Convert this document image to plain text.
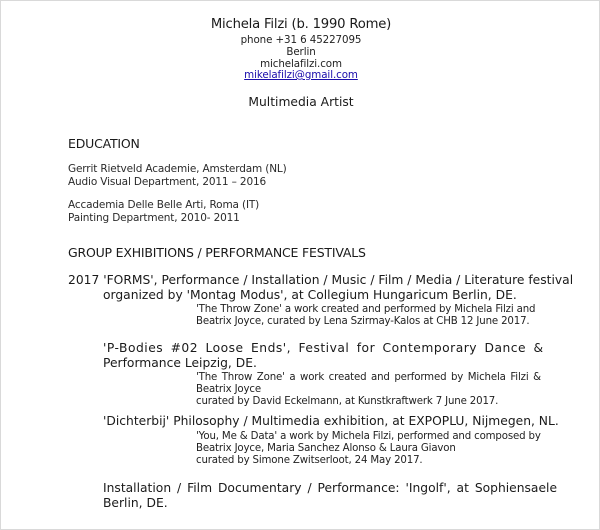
Michela Filzi (b. 1990 Rome)
phone +31 6 45227095
Berlin
michelafilzi.com
mikelafilzi@gmail.com
Multimedia Artist
EDUCATION
Gerrit Rietveld Academie, Amsterdam (NL)
Audio Visual Department, 2011 – 2016
Accademia Delle Belle Arti, Roma (IT)
Painting Department, 2010- 2011
GROUP EXHIBITIONS / PERFORMANCE FESTIVALS
2017 'FORMS', Performance / Installation / Music / Film / Media / Literature festival
organized by 'Montag Modus', at Collegium Hungaricum Berlin, DE.
'The Throw Zone' a work created and performed by Michela Filzi and
Beatrix Joyce, curated by Lena Szirmay-Kalos at CHB 12 June 2017.
'P-Bodies #02 Loose Ends', Festival for Contemporary Dance &
Performance Leipzig, DE.
'The Throw Zone' a work created and performed by Michela Filzi &
Beatrix Joyce
curated by David Eckelmann, at Kunstkraftwerk 7 June 2017.
'Dichterbij' Philosophy / Multimedia exhibition, at EXPOPLU, Nijmegen, NL.
'You, Me & Data' a work by Michela Filzi, performed and composed by
Beatrix Joyce, Maria Sanchez Alonso & Laura Giavon
curated by Simone Zwitserloot, 24 May 2017.
Installation / Film Documentary / Performance: 'Ingolf', at Sophiensaele
Berlin, DE.
